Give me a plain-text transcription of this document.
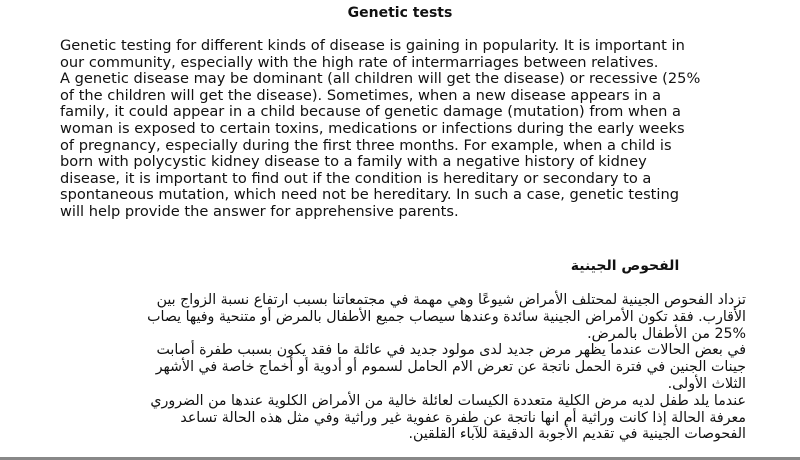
Genetic tests
Genetic testing for different kinds of disease is gaining in popularity. It is important in
our community, especially with the high rate of intermarriages between relatives.
A genetic disease may be dominant (all children will get the disease) or recessive (25%
of the children will get the disease). Sometimes, when a new disease appears in a
family, it could appear in a child because of genetic damage (mutation) from when a
woman is exposed to certain toxins, medications or infections during the early weeks
of pregnancy, especially during the first three months. For example, when a child is
born with polycystic kidney disease to a family with a negative history of kidney
disease, it is important to find out if the condition is hereditary or secondary to a
spontaneous mutation, which need not be hereditary. In such a case, genetic testing
will help provide the answer for apprehensive parents.
الفحوص الجينية
تزداد الفحوص الجينية لمحتلف الأمراض شيوعًا وهي مهمة في مجتمعاتنا بسبب ارتفاع نسبة الزواج بين
الأقارب. فقد تكون الأمراض الجينية سائدة وعندها سيصاب جميع الأطفال بالمرض أو متنحية وفيها يصاب
25% من الأطفال بالمرض.
في بعض الحالات عندما يظهر مرض جديد لدى مولود جديد في عائلة ما فقد يكون بسبب طفرة أصابت
جينات الجنين في فترة الحمل ناتجة عن تعرض الام الحامل لسموم أو أدوية أو أخماج خاصة في الأشهر
الثلاث الأولى.
عندما يلد طفل لديه مرض الكلية متعددة الكيسات لعائلة خالية من الأمراض الكلوية عندها من الضروري
معرفة الحالة إذا كانت وراثية أم انها ناتجة عن طفرة عفوية غير وراثية وفي مثل هذه الحالة تساعد
الفحوصات الجينية في تقديم الأجوبة الدقيقة للآباء القلقين.
